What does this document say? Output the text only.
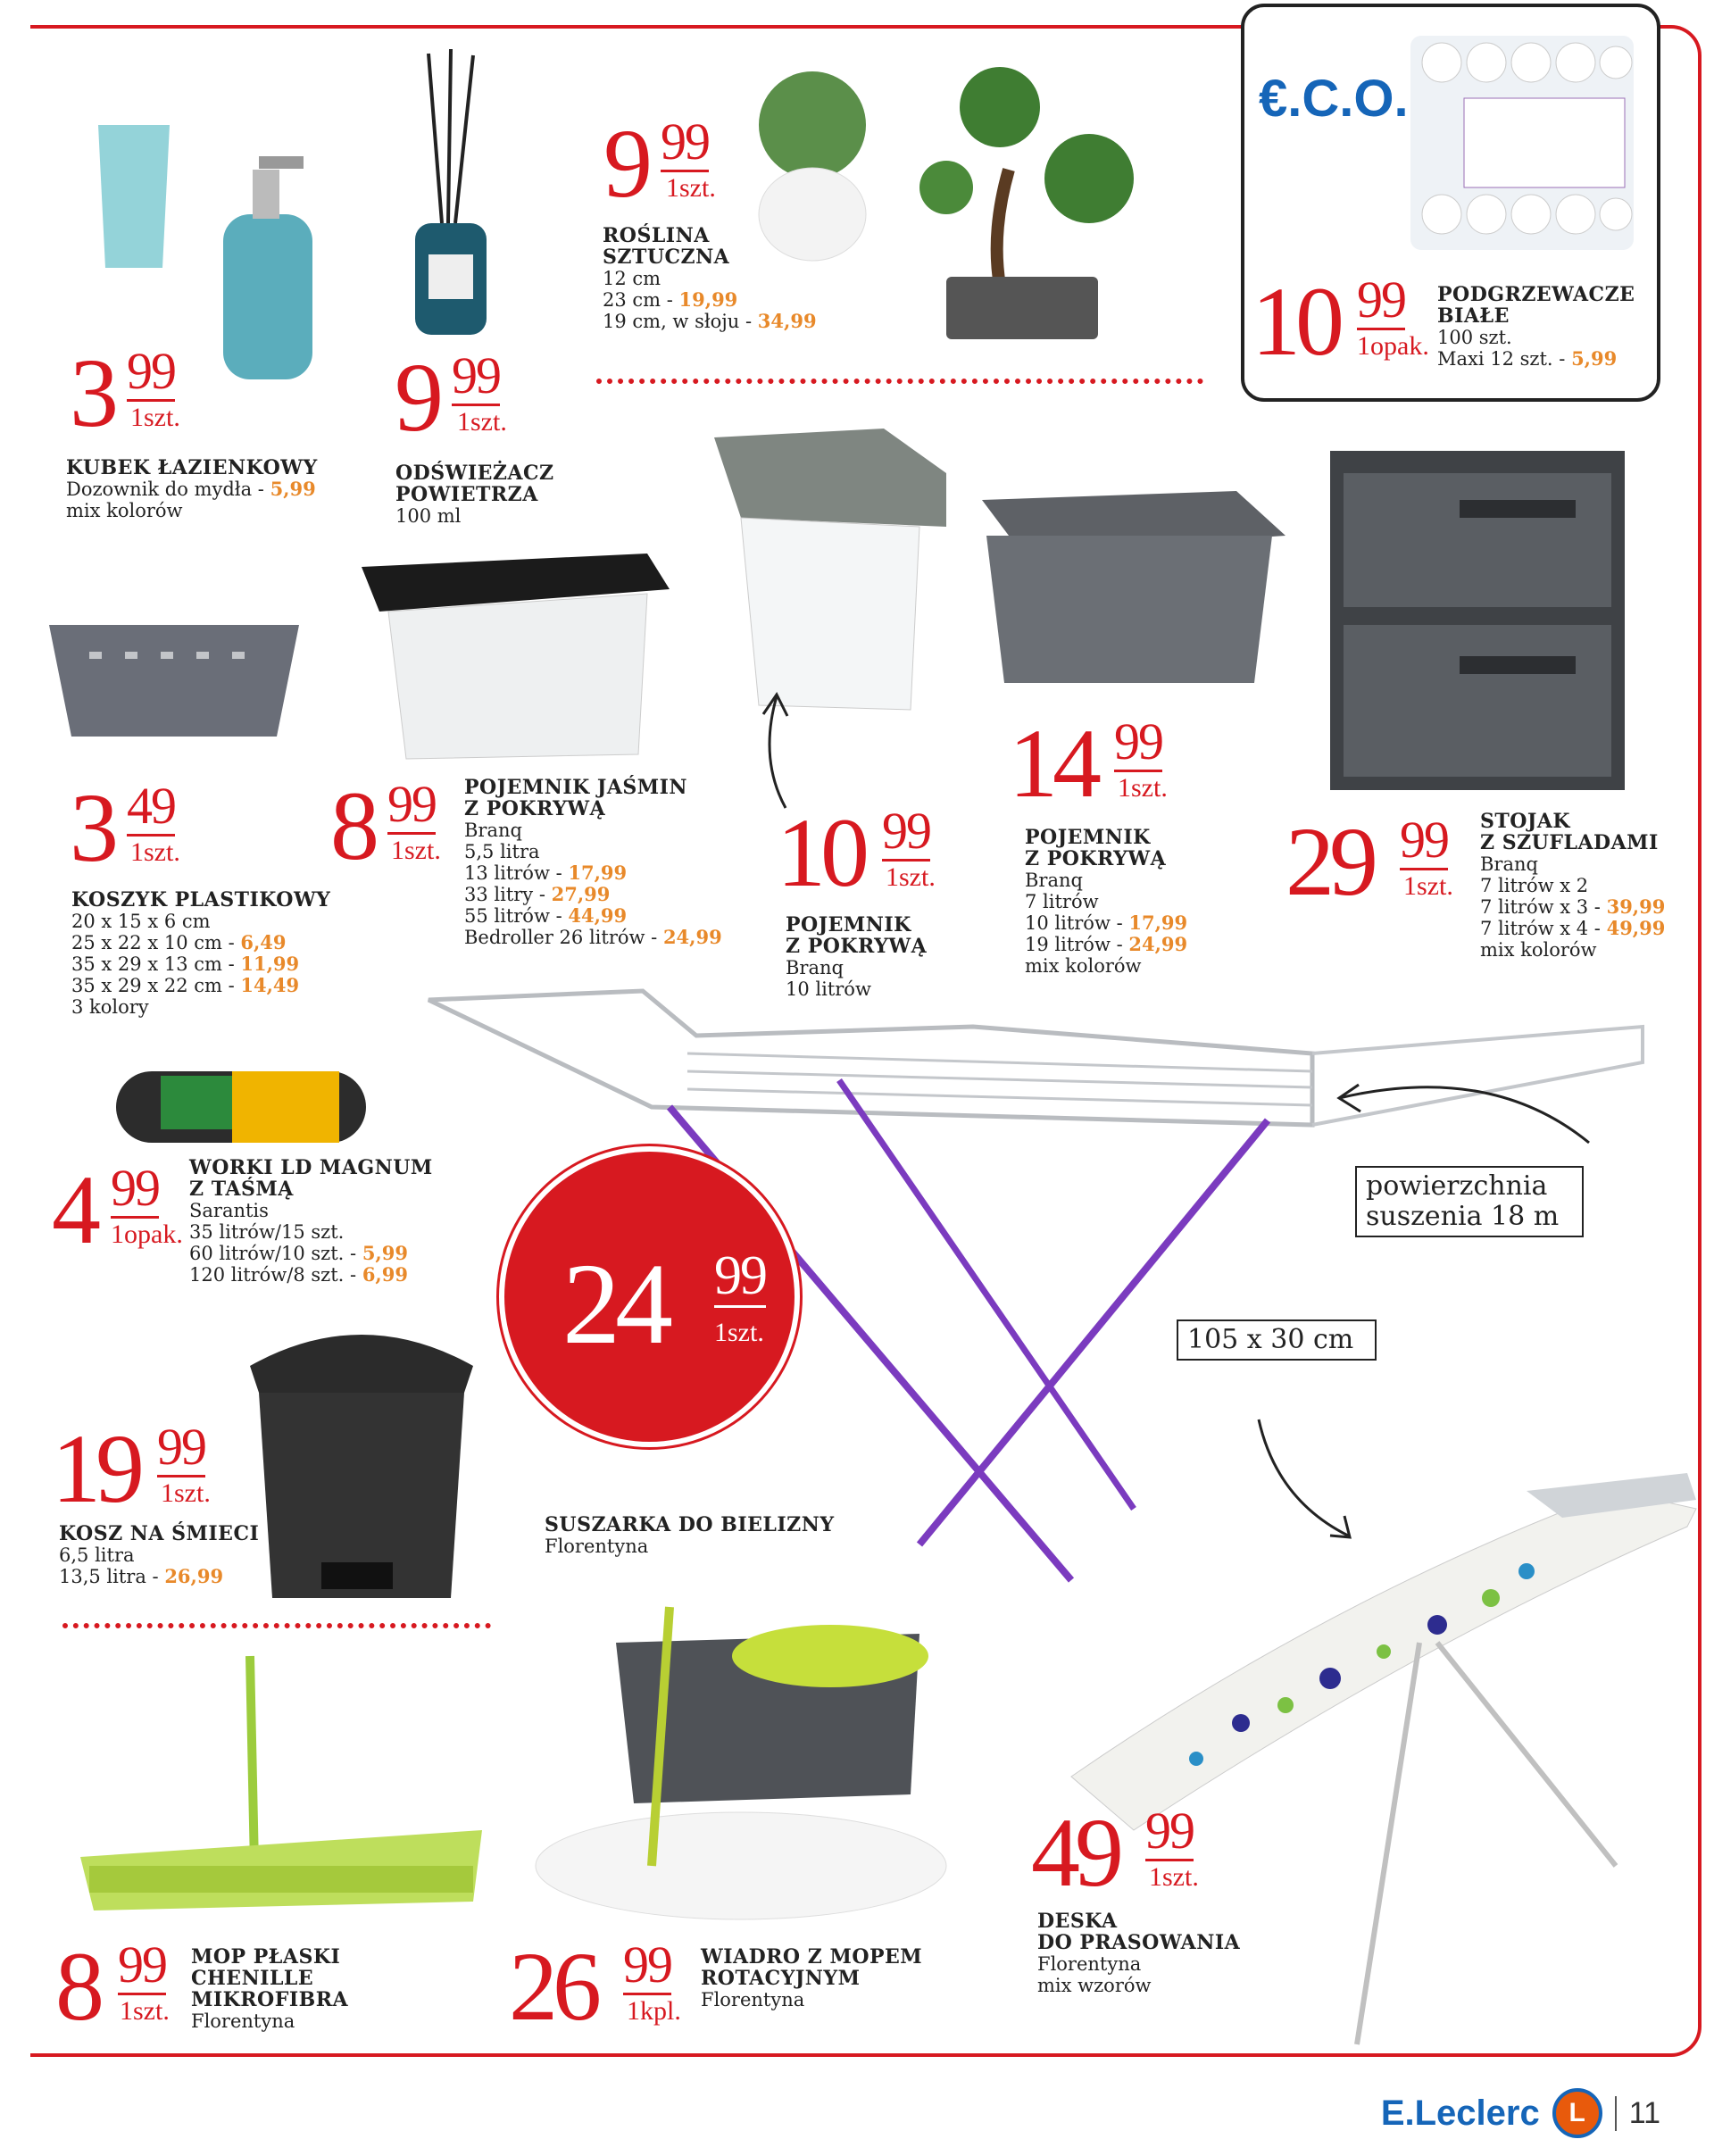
€.C.O.
powierzchnia
suszenia 18 m
105 x 30 cm
3 99
1szt.
KUBEK ŁAZIENKOWY
Dozownik do mydła - 5,99
mix kolorów
9 99
1szt.
ODŚWIEŻACZ
POWIETRZA
100 ml
9 99
1szt.
ROŚLINA
SZTUCZNA
12 cm
23 cm - 19,99
19 cm, w słoju - 34,99	10 99
1opak.
PODGRZEWACZE
BIAŁE
100 szt.
Maxi 12 szt. - 5,99
3 49
1szt.
KOSZYK PLASTIKOWY
20 x 15 x 6 cm
25 x 22 x 10 cm - 6,49
35 x 29 x 13 cm - 11,99
35 x 29 x 22 cm - 14,49
3 kolory
8 99
1szt.
POJEMNIK JAŚMIN
Z POKRYWĄ
Branq
5,5 litra
13 litrów - 17,99
33 litry - 27,99
55 litrów - 44,99
Bedroller 26 litrów - 24,99
10 99
1szt.
POJEMNIK
Z POKRYWĄ
Branq
10 litrów
14 99
1szt.
POJEMNIK
Z POKRYWĄ
Branq
7 litrów
10 litrów - 17,99
19 litrów - 24,99
mix kolorów
29 99
1szt.
STOJAK
Z SZUFLADAMI
Branq
7 litrów x 2
7 litrów x 3 - 39,99
7 litrów x 4 - 49,99
mix kolorów
4 99
1opak.
WORKI LD MAGNUM
Z TAŚMĄ
Sarantis
35 litrów/15 szt.
60 litrów/10 szt. - 5,99
120 litrów/8 szt. - 6,99	24 99
1szt.
SUSZARKA DO BIELIZNY
Florentyna
19 99
1szt.
KOSZ NA ŚMIECI
6,5 litra
13,5 litra - 26,99
8 99
1szt.
MOP PŁASKI
CHENILLE
MIKROFIBRA
Florentyna	26 99
1kpl.
WIADRO Z MOPEM
ROTACYJNYM
Florentyna
49 99
1szt.
DESKA
DO PRASOWANIA
Florentyna
mix wzorów
E.Leclerc	L	11
